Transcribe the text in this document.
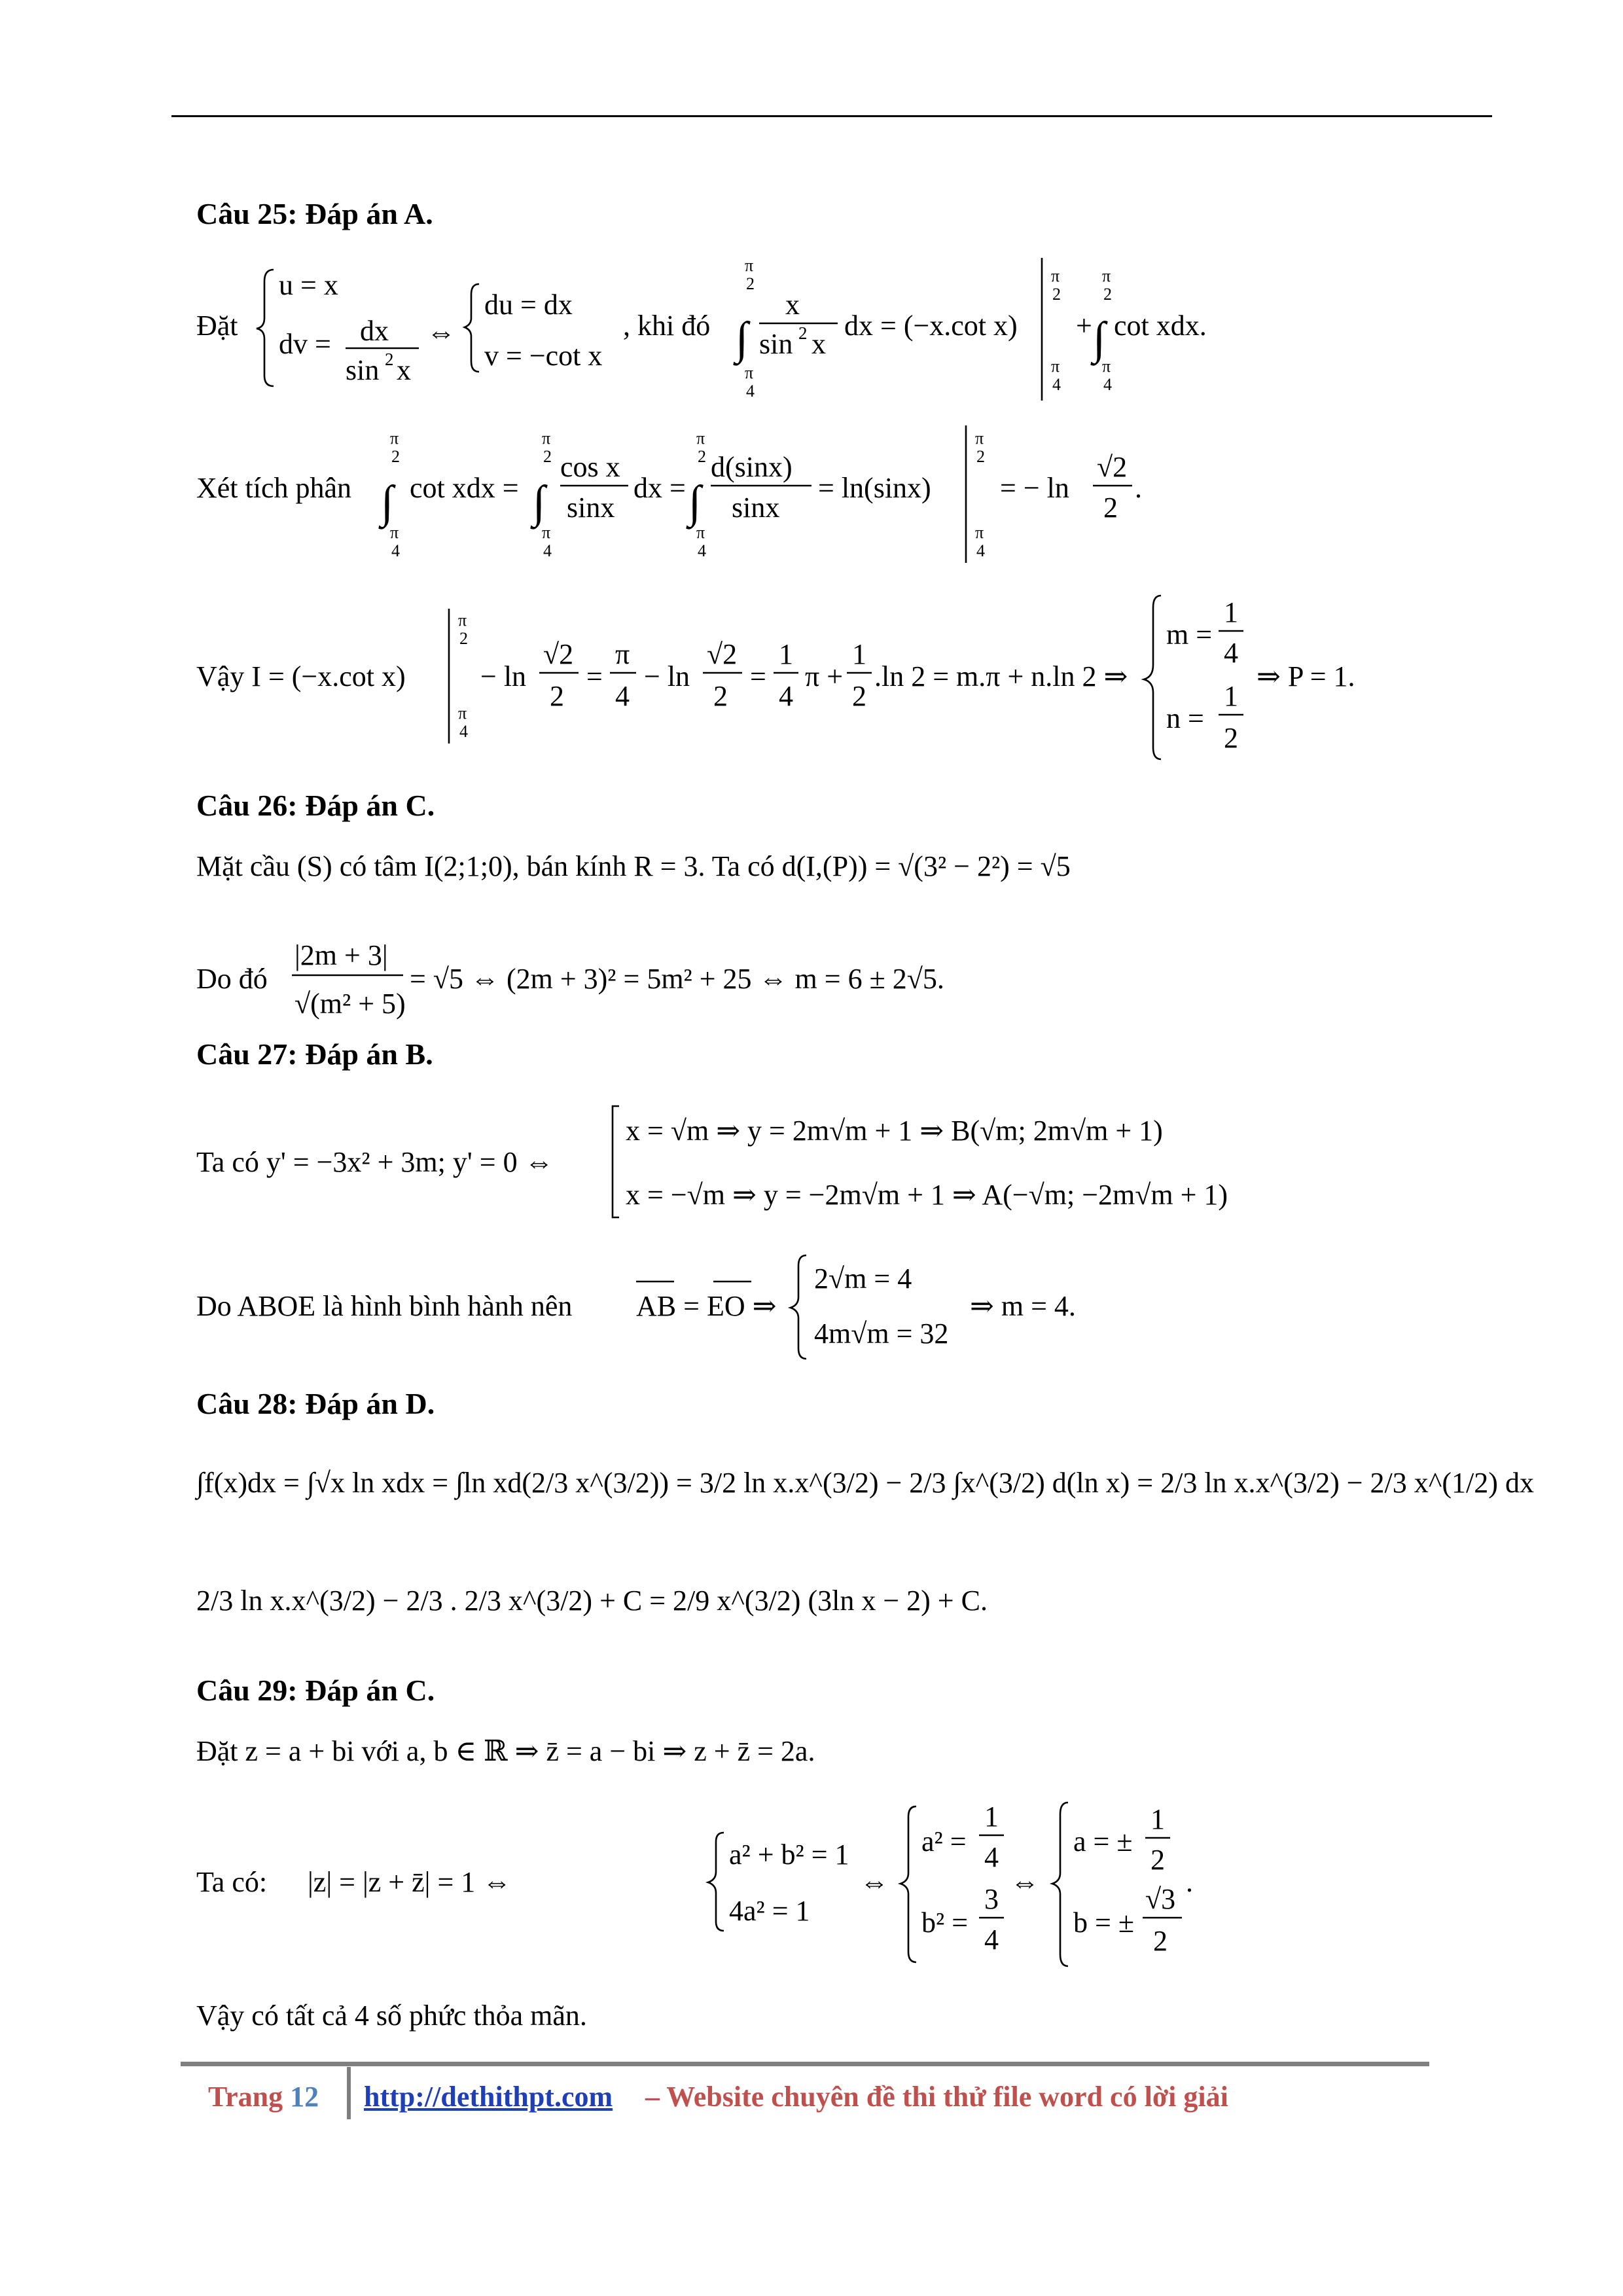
Câu 25: Đáp án A.
Đặt
u = x
dv = dx
sin 2 x
⇔
du = dx
v = −cot x
, khi đó
π
2
∫
π
4
x
sin 2 x
dx = (−x.cot x)
π
2
π
4
+
π
2
∫
π
4
cot xdx.
Xét tích phân
π
2
∫
π
4
cot xdx =
π
2
∫
π
4
cos x
sinx
dx =
π
2
∫
π
4
d(sinx)
sinx
= ln(sinx)
π
2
π
4
= − ln
√2
2
.
Vậy I = (−x.cot x)
π
2
π
4
− ln
√2
2
=
π
4
− ln
√2
2
=
1
4
π +
1
2
.ln 2 = m.π + n.ln 2 ⇒
m =
1
4
n =
1
2
⇒ P = 1.
Câu 26: Đáp án C.
Mặt cầu (S) có tâm I(2;1;0), bán kính R = 3. Ta có d(I,(P)) = √(3² − 2²) = √5
Do đó
|2m + 3|
√(m² + 5)
= √5 ⇔ (2m + 3)² = 5m² + 25 ⇔ m = 6 ± 2√5.
Câu 27: Đáp án B.
Ta có y' = −3x² + 3m; y' = 0 ⇔
x = √m ⇒ y = 2m√m + 1 ⇒ B(√m; 2m√m + 1)
x = −√m ⇒ y = −2m√m + 1 ⇒ A(−√m; −2m√m + 1)
Do ABOE là hình bình hành nên AB = EO ⇒
2√m = 4
4m√m = 32
⇒ m = 4.
Câu 28: Đáp án D.
∫f(x)dx = ∫√x ln xdx = ∫ln xd(2/3 x^(3/2)) = 3/2 ln x.x^(3/2) − 2/3 ∫x^(3/2) d(ln x) = 2/3 ln x.x^(3/2) − 2/3 x^(1/2) dx
2/3 ln x.x^(3/2) − 2/3 . 2/3 x^(3/2) + C = 2/9 x^(3/2) (3ln x − 2) + C.
Câu 29: Đáp án C.
Đặt z = a + bi với a, b ∈ ℝ ⇒ z̄ = a − bi ⇒ z + z̄ = 2a.
Ta có: |z| = |z + z̄| = 1 ⇔
a² + b² = 1
4a² = 1
⇔
a² =
1
4
b² =
3
4
⇔
a = ±
1
2
b = ±
√3
2
.
Vậy có tất cả 4 số phức thỏa mãn.
Trang 12 http://dethithpt.com – Website chuyên đề thi thử file word có lời giải
